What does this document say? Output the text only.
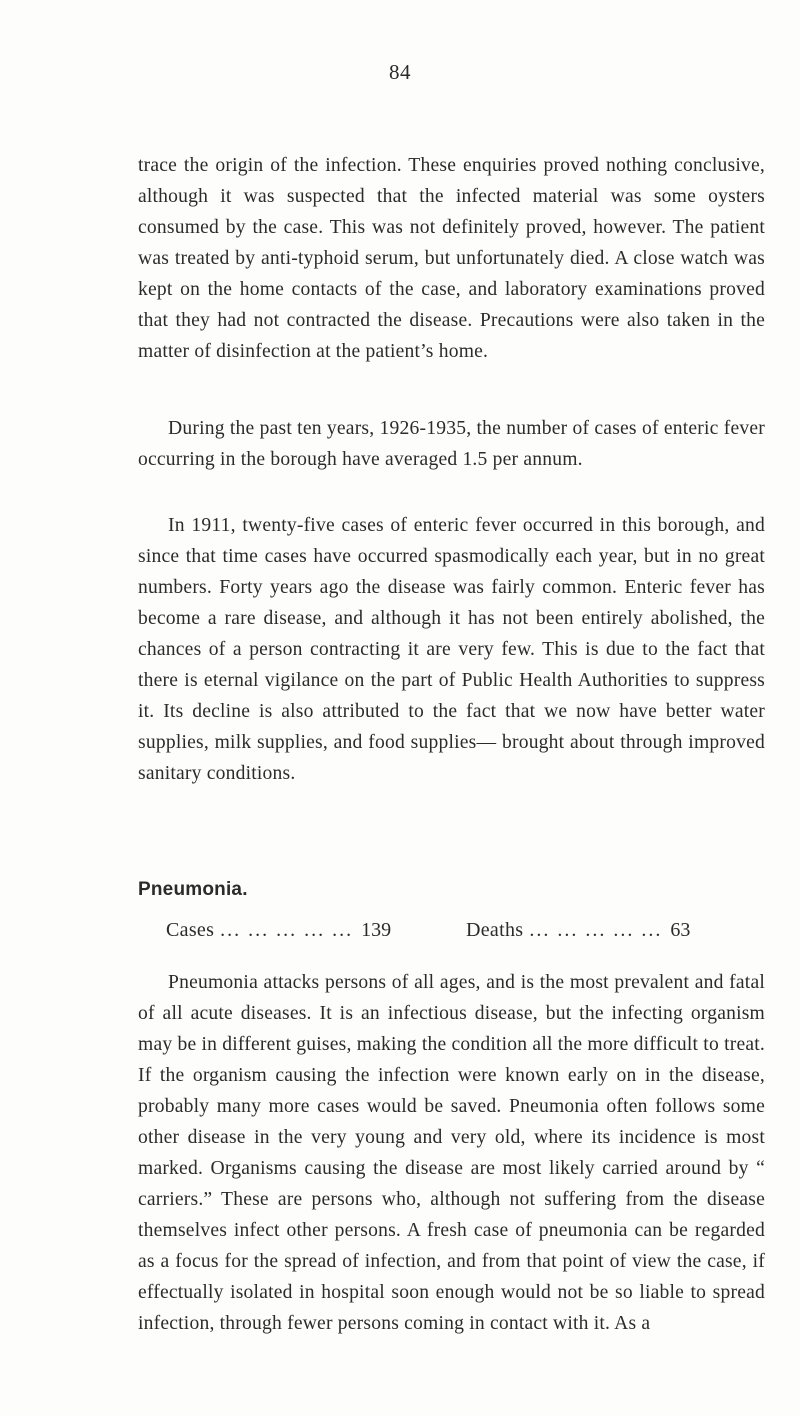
84

trace the origin of the infection. These enquiries proved nothing conclusive, although it was suspected that the infected material was some oysters consumed by the case. This was not definitely proved, however. The patient was treated by anti-typhoid serum, but unfortunately died. A close watch was kept on the home contacts of the case, and laboratory examinations proved that they had not contracted the disease. Precautions were also taken in the matter of disinfection at the patient’s home.

During the past ten years, 1926-1935, the number of cases of enteric fever occurring in the borough have averaged 1.5 per annum.

In 1911, twenty-five cases of enteric fever occurred in this borough, and since that time cases have occurred spasmodically each year, but in no great numbers. Forty years ago the disease was fairly common. Enteric fever has become a rare disease, and although it has not been entirely abolished, the chances of a person contracting it are very few. This is due to the fact that there is eternal vigilance on the part of Public Health Authorities to suppress it. Its decline is also attributed to the fact that we now have better water supplies, milk supplies, and food supplies— brought about through improved sanitary conditions.

Pneumonia.
Cases ... ... ... ... ... 139	Deaths ... ... ... ... ... 63

Pneumonia attacks persons of all ages, and is the most prevalent and fatal of all acute diseases. It is an infectious disease, but the infecting organism may be in different guises, making the condition all the more difficult to treat. If the organism causing the infection were known early on in the disease, probably many more cases would be saved. Pneumonia often follows some other disease in the very young and very old, where its incidence is most marked. Organisms causing the disease are most likely carried around by “ carriers.” These are persons who, although not suffering from the disease themselves infect other persons. A fresh case of pneumonia can be regarded as a focus for the spread of infection, and from that point of view the case, if effectually isolated in hospital soon enough would not be so liable to spread infection, through fewer persons coming in contact with it. As a
